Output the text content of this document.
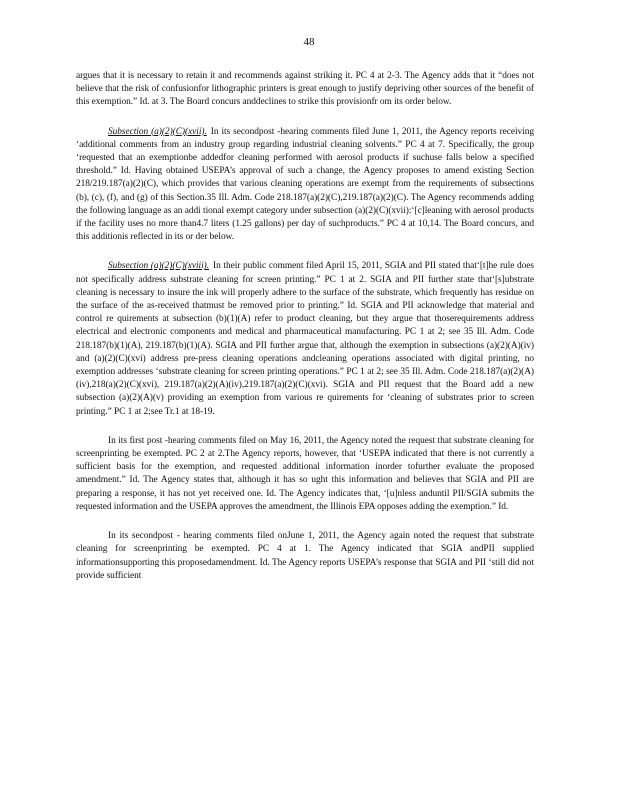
48

argues that it is necessary to retain it and recommends against striking it. PC 4 at 2-3. The Agency adds that it “does not believe that the risk of confusionfor lithographic printers is great enough to justify depriving other sources of the benefit of this exemption.” Id. at 3. The Board concurs anddeclines to strike this provisionfr om its order below.

Subsection (a)(2)(C)(xvii). In its secondpost -hearing comments filed June 1, 2011, the Agency reports receiving ‘additional comments from an industry group regarding industrial cleaning solvents.” PC 4 at 7. Specifically, the group ‘requested that an exemptionbe addedfor cleaning performed with aerosol products if suchuse falls below a specified threshold.” Id. Having obtained USEPA’s approval of such a change, the Agency proposes to amend existing Section 218/219.187(a)(2)(C), which provides that various cleaning operations are exempt from the requirements of subsections (b), (c), (f), and (g) of this Section.35 Ill. Adm. Code 218.187(a)(2)(C),219.187(a)(2)(C). The Agency recommends adding the following language as an addi tional exempt category under subsection (a)(2)(C)(xvii):‘[c]leaning with aerosol products if the facility uses no more than4.7 liters (1.25 gallons) per day of suchproducts.” PC 4 at 10,14. The Board concurs, and this additionis reflected in its or der below.

Subsection (a)(2)(C)(xviii). In their public comment filed April 15, 2011, SGIA and PII stated that‘[t]he rule does not specifically address substrate cleaning for screen printing.” PC 1 at 2. SGIA and PII further state that‘[s]ubstrate cleaning is necessary to insure the ink will properly adhere to the surface of the substrate, which frequently has residue on the surface of the as-received thatmust be removed prior to printing.” Id. SGIA and PII acknowledge that material and control re quirements at subsection (b)(1)(A) refer to product cleaning, but they argue that thoserequirements address electrical and electronic components and medical and pharmaceutical manufacturing. PC 1 at 2; see 35 Ill. Adm. Code 218.187(b)(1)(A), 219.187(b)(1)(A). SGIA and PII further argue that, although the exemption in subsections (a)(2)(A)(iv) and (a)(2)(C)(xvi) address pre-press cleaning operations andcleaning operations associated with digital printing, no exemption addresses ‘substrate cleaning for screen printing operations.” PC 1 at 2; see 35 Ill. Adm. Code 218.187(a)(2)(A)(iv),218(a)(2)(C)(xvi), 219.187(a)(2)(A)(iv),219.187(a)(2)(C)(xvi). SGIA and PII request that the Board add a new subsection (a)(2)(A)(v) providing an exemption from various re quirements for ‘cleaning of substrates prior to screen printing.” PC 1 at 2;see Tr.1 at 18-19.

In its first post -hearing comments filed on May 16, 2011, the Agency noted the request that substrate cleaning for screenprinting be exempted. PC 2 at 2.The Agency reports, however, that ‘USEPA indicated that there is not currently a sufficient basis for the exemption, and requested additional information inorder tofurther evaluate the proposed amendment.” Id. The Agency states that, although it has so ught this information and believes that SGIA and PII are preparing a response, it has not yet received one. Id. The Agency indicates that, ‘[u]nless anduntil PII/SGIA submits the requested information and the USEPA approves the amendment, the Illinois EPA opposes adding the exemption.” Id.

In its secondpost - hearing comments filed onJune 1, 2011, the Agency again noted the request that substrate cleaning for screenprinting be exempted. PC 4 at 1. The Agency indicated that SGIA andPII supplied informationsupporting this proposedamendment. Id. The Agency reports USEPA’s response that SGIA and PII ‘still did not provide sufficient
